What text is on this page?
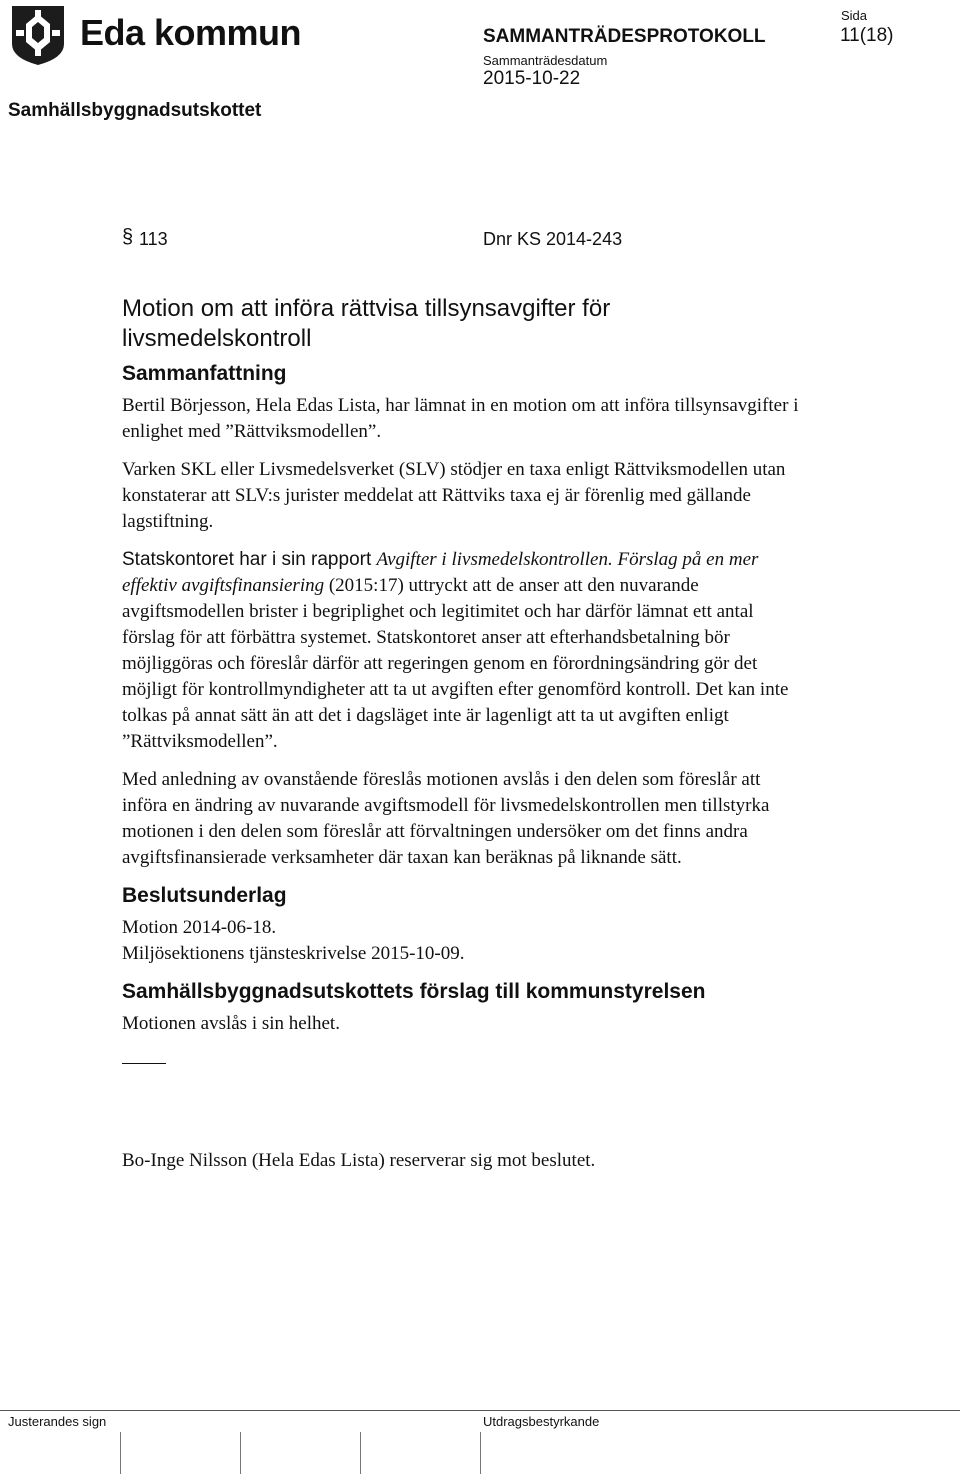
Eda kommun	SAMMANTRÄDESPROTOKOLL
Sammanträdesdatum
2015-10-22
Sida
11(18)
Samhällsbyggnadsutskottet
§ 113	Dnr KS 2014-243
Motion om att införa rättvisa tillsynsavgifter för
livsmedelskontroll
Sammanfattning

Bertil Börjesson, Hela Edas Lista, har lämnat in en motion om att införa tillsynsavgifter i enlighet med ”Rättviksmodellen”.

Varken SKL eller Livsmedelsverket (SLV) stödjer en taxa enligt Rättviksmodellen utan konstaterar att SLV:s jurister meddelat att Rättviks taxa ej är förenlig med gällande lagstiftning.

Statskontoret har i sin rapport Avgifter i livsmedelskontrollen. Förslag på en mer effektiv avgiftsfinansiering (2015:17) uttryckt att de anser att den nuvarande avgiftsmodellen brister i begriplighet och legitimitet och har därför lämnat ett antal förslag för att förbättra systemet. Statskontoret anser att efterhandsbetalning bör möjliggöras och föreslår därför att regeringen genom en förordningsändring gör det möjligt för kontrollmyndigheter att ta ut avgiften efter genomförd kontroll. Det kan inte tolkas på annat sätt än att det i dagsläget inte är lagenligt att ta ut avgiften enligt ”Rättviksmodellen”.

Med anledning av ovanstående föreslås motionen avslås i den delen som föreslår att införa en ändring av nuvarande avgiftsmodell för livsmedelskontrollen men tillstyrka motionen i den delen som föreslår att förvaltningen undersöker om det finns andra avgiftsfinansierade verksamheter där taxan kan beräknas på liknande sätt.

Beslutsunderlag

Motion 2014-06-18.

Miljösektionens tjänsteskrivelse 2015-10-09.

Samhällsbyggnadsutskottets förslag till kommunstyrelsen

Motionen avslås i sin helhet.

Bo-Inge Nilsson (Hela Edas Lista) reserverar sig mot beslutet.

Justerandes sign	Utdragsbestyrkande
